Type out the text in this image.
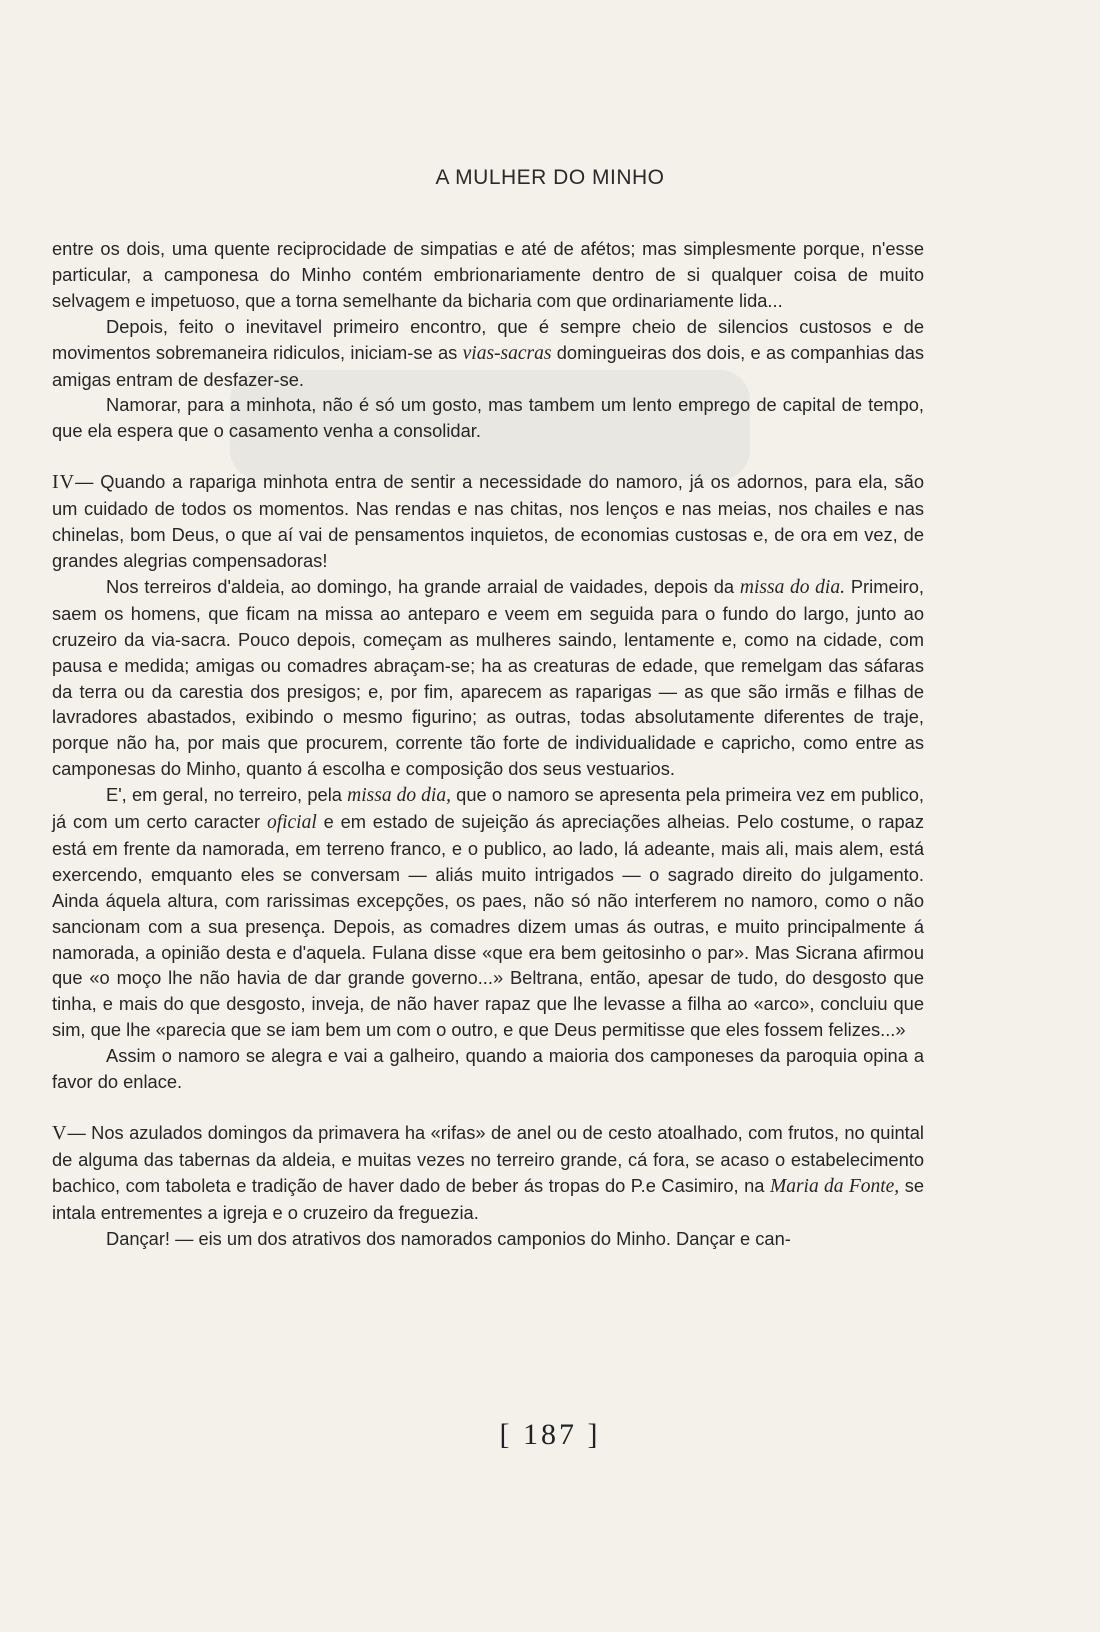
A MULHER DO MINHO

entre os dois, uma quente reciprocidade de simpatias e até de afétos; mas simplesmente porque, n'esse particular, a camponesa do Minho contém embrionariamente dentro de si qualquer coisa de muito selvagem e impetuoso, que a torna semelhante da bicharia com que ordinariamente lida...

Depois, feito o inevitavel primeiro encontro, que é sempre cheio de silencios custosos e de movimentos sobremaneira ridiculos, iniciam-se as vias-sacras domingueiras dos dois, e as companhias das amigas entram de desfazer-se.

Namorar, para a minhota, não é só um gosto, mas tambem um lento emprego de capital de tempo, que ela espera que o casamento venha a consolidar.

IV— Quando a rapariga minhota entra de sentir a necessidade do namoro, já os adornos, para ela, são um cuidado de todos os momentos. Nas rendas e nas chitas, nos lenços e nas meias, nos chailes e nas chinelas, bom Deus, o que aí vai de pensamentos inquietos, de economias custosas e, de ora em vez, de grandes alegrias compensadoras!

Nos terreiros d'aldeia, ao domingo, ha grande arraial de vaidades, depois da missa do dia. Primeiro, saem os homens, que ficam na missa ao anteparo e veem em seguida para o fundo do largo, junto ao cruzeiro da via-sacra. Pouco depois, começam as mulheres saindo, lentamente e, como na cidade, com pausa e medida; amigas ou comadres abraçam-se; ha as creaturas de edade, que remelgam das sáfaras da terra ou da carestia dos presigos; e, por fim, aparecem as raparigas — as que são irmãs e filhas de lavradores abastados, exibindo o mesmo figurino; as outras, todas absolutamente diferentes de traje, porque não ha, por mais que procurem, corrente tão forte de individualidade e capricho, como entre as camponesas do Minho, quanto á escolha e composição dos seus vestuarios.

E', em geral, no terreiro, pela missa do dia, que o namoro se apresenta pela primeira vez em publico, já com um certo caracter oficial e em estado de sujeição ás apreciações alheias. Pelo costume, o rapaz está em frente da namorada, em terreno franco, e o publico, ao lado, lá adeante, mais ali, mais alem, está exercendo, emquanto eles se conversam — aliás muito intrigados — o sagrado direito do julgamento. Ainda áquela altura, com rarissimas excepções, os paes, não só não interferem no namoro, como o não sancionam com a sua presença. Depois, as comadres dizem umas ás outras, e muito principalmente á namorada, a opinião desta e d'aquela. Fulana disse «que era bem geitosinho o par». Mas Sicrana afirmou que «o moço lhe não havia de dar grande governo...» Beltrana, então, apesar de tudo, do desgosto que tinha, e mais do que desgosto, inveja, de não haver rapaz que lhe levasse a filha ao «arco», concluiu que sim, que lhe «parecia que se iam bem um com o outro, e que Deus permitisse que eles fossem felizes...»

Assim o namoro se alegra e vai a galheiro, quando a maioria dos camponeses da paroquia opina a favor do enlace.

V— Nos azulados domingos da primavera ha «rifas» de anel ou de cesto atoalhado, com frutos, no quintal de alguma das tabernas da aldeia, e muitas vezes no terreiro grande, cá fora, se acaso o estabelecimento bachico, com taboleta e tradição de haver dado de beber ás tropas do P.e Casimiro, na Maria da Fonte, se intala entrementes a igreja e o cruzeiro da freguezia.

Dançar! — eis um dos atrativos dos namorados camponios do Minho. Dançar e can-

[ 187 ]
